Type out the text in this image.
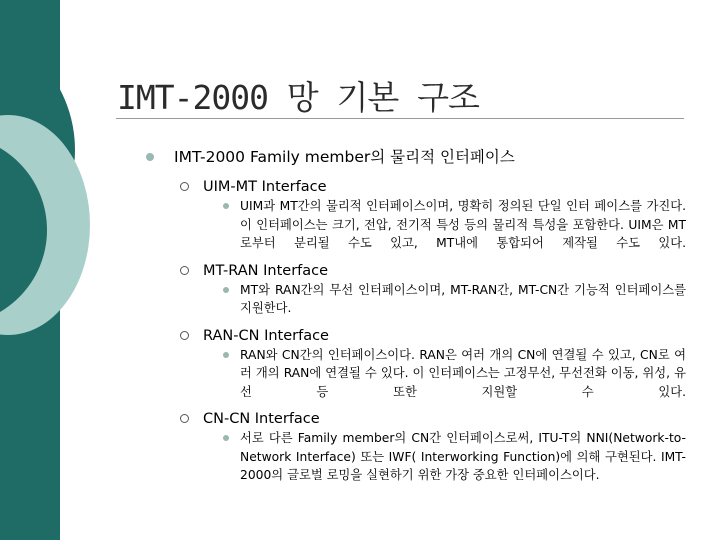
IMT-2000 망 기본 구조
IMT-2000 Family member의 물리적 인터페이스
UIM-MT Interface
UIM과 MT간의 물리적 인터페이스이며, 명확히 정의된 단일 인터 페이스를 가진다. 이 인터페이스는 크기, 전압, 전기적 특성 등의 물리적 특성을 포함한다. UIM은 MT로부터 분리될 수도 있고, MT내에 통합되어 제작될 수도 있다.
MT-RAN Interface
MT와 RAN간의 무선 인터페이스이며, MT-RAN간, MT-CN간 기능적 인터페이스를 지원한다.
RAN-CN Interface
RAN와 CN간의 인터페이스이다. RAN은 여러 개의 CN에 연결될 수 있고, CN로 여러 개의 RAN에 연결될 수 있다. 이 인터페이스는 고정무선, 무선전화 이동, 위성, 유선 등 또한 지원할 수 있다.
CN-CN Interface
서로 다른 Family member의 CN간 인터페이스로써, ITU-T의 NNI(Network-to-Network Interface) 또는 IWF( Interworking Function)에 의해 구현된다. IMT-2000의 글로벌 로밍을 실현하기 위한 가장 중요한 인터페이스이다.
